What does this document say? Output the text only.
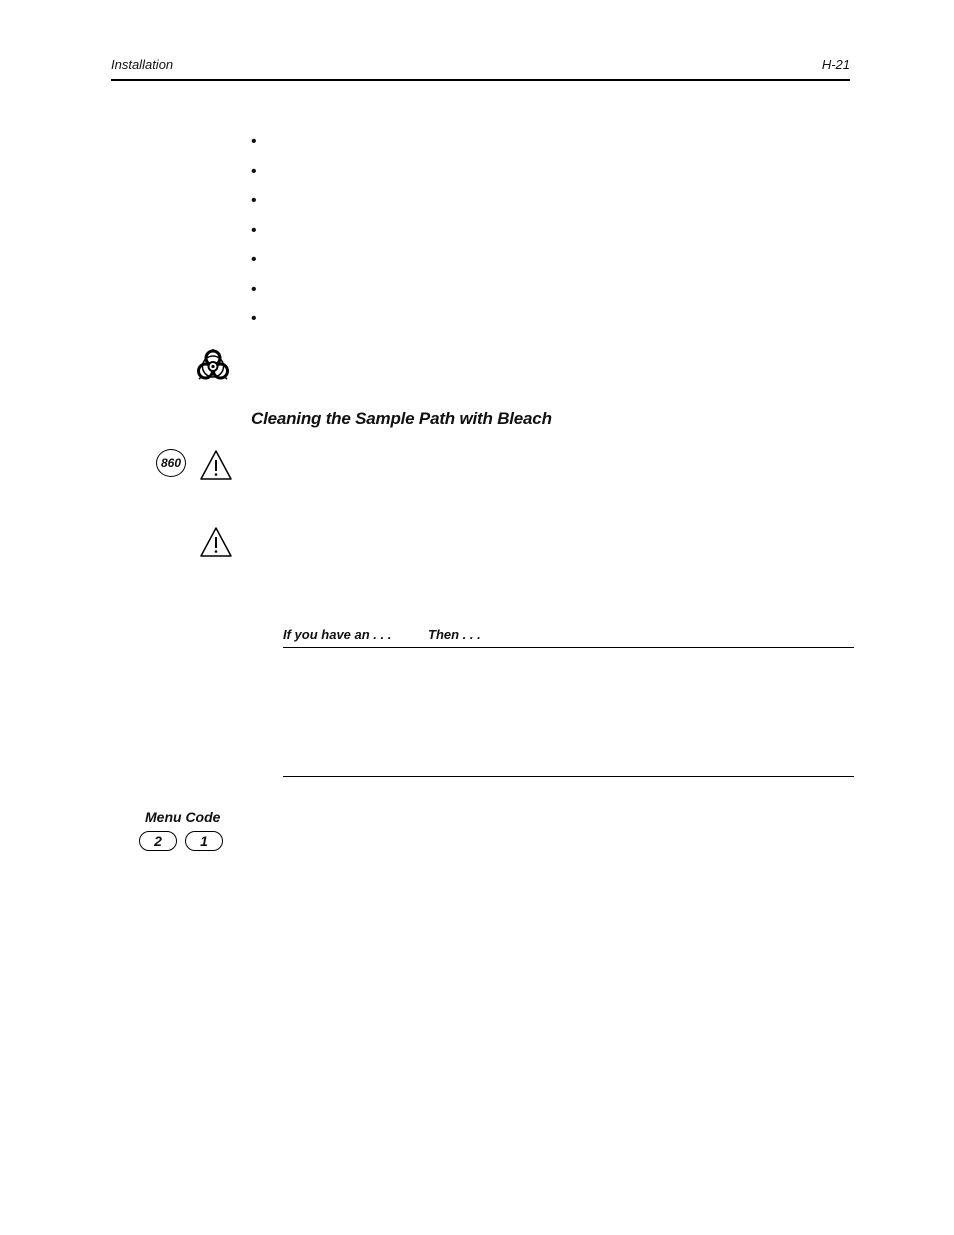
Installation	H-21
•
•
•
•
•
•
•
Cleaning the Sample Path with Bleach
860
If you have an . . .	Then . . .
Menu Code
2	1
